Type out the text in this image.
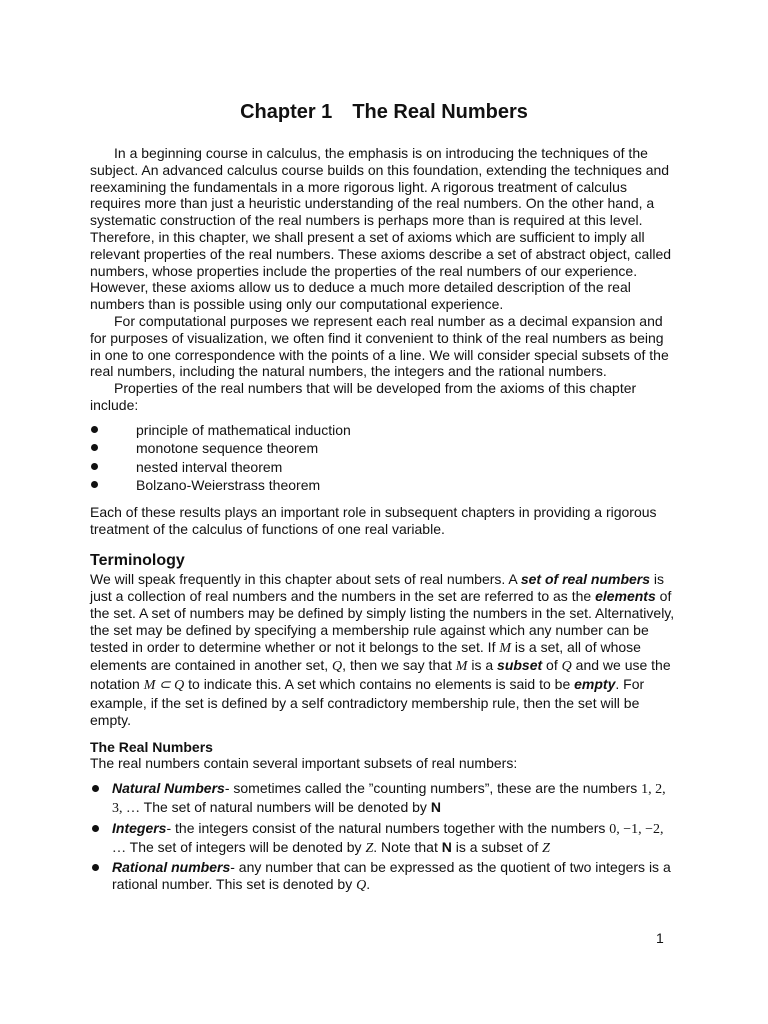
Chapter 1 The Real Numbers

In a beginning course in calculus, the emphasis is on introducing the techniques of the subject. An advanced calculus course builds on this foundation, extending the techniques and reexamining the fundamentals in a more rigorous light. A rigorous treatment of calculus requires more than just a heuristic understanding of the real numbers. On the other hand, a systematic construction of the real numbers is perhaps more than is required at this level. Therefore, in this chapter, we shall present a set of axioms which are sufficient to imply all relevant properties of the real numbers. These axioms describe a set of abstract object, called numbers, whose properties include the properties of the real numbers of our experience. However, these axioms allow us to deduce a much more detailed description of the real numbers than is possible using only our computational experience.

For computational purposes we represent each real number as a decimal expansion and for purposes of visualization, we often find it convenient to think of the real numbers as being in one to one correspondence with the points of a line. We will consider special subsets of the real numbers, including the natural numbers, the integers and the rational numbers.

Properties of the real numbers that will be developed from the axioms of this chapter include:

principle of mathematical induction
monotone sequence theorem
nested interval theorem
Bolzano-Weierstrass theorem

Each of these results plays an important role in subsequent chapters in providing a rigorous treatment of the calculus of functions of one real variable.

Terminology

We will speak frequently in this chapter about sets of real numbers. A set of real numbers is just a collection of real numbers and the numbers in the set are referred to as the elements of the set. A set of numbers may be defined by simply listing the numbers in the set. Alternatively, the set may be defined by specifying a membership rule against which any number can be tested in order to determine whether or not it belongs to the set. If M is a set, all of whose elements are contained in another set, Q, then we say that M is a subset of Q and we use the notation M ⊂ Q to indicate this. A set which contains no elements is said to be empty. For example, if the set is defined by a self contradictory membership rule, then the set will be empty.

The Real Numbers

The real numbers contain several important subsets of real numbers:

Natural Numbers- sometimes called the ”counting numbers”, these are the numbers 1, 2, 3, … The set of natural numbers will be denoted by N
Integers- the integers consist of the natural numbers together with the numbers 0, −1, −2, … The set of integers will be denoted by Z. Note that N is a subset of Z
Rational numbers- any number that can be expressed as the quotient of two integers is a rational number. This set is denoted by Q.
1
